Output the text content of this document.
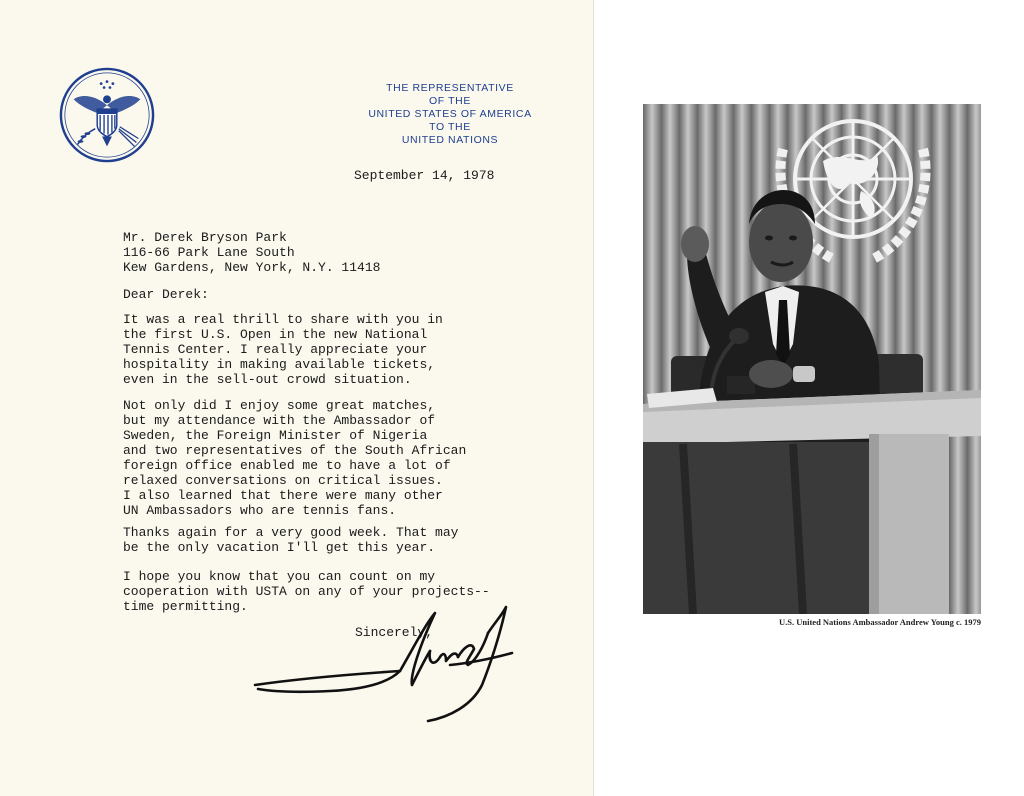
THE REPRESENTATIVE
OF THE
UNITED STATES OF AMERICA
TO THE
UNITED NATIONS
September 14, 1978
Mr. Derek Bryson Park
116-66 Park Lane South
Kew Gardens, New York, N.Y. 11418
Dear Derek:
It was a real thrill to share with you in
the first U.S. Open in the new National
Tennis Center. I really appreciate your
hospitality in making available tickets,
even in the sell-out crowd situation.
Not only did I enjoy some great matches,
but my attendance with the Ambassador of
Sweden, the Foreign Minister of Nigeria
and two representatives of the South African
foreign office enabled me to have a lot of
relaxed conversations on critical issues.
I also learned that there were many other
UN Ambassadors who are tennis fans.
Thanks again for a very good week. That may
be the only vacation I'll get this year.
I hope you know that you can count on my
cooperation with USTA on any of your projects--
time permitting.
Sincerely,
U.S. United Nations Ambassador Andrew Young c. 1979
